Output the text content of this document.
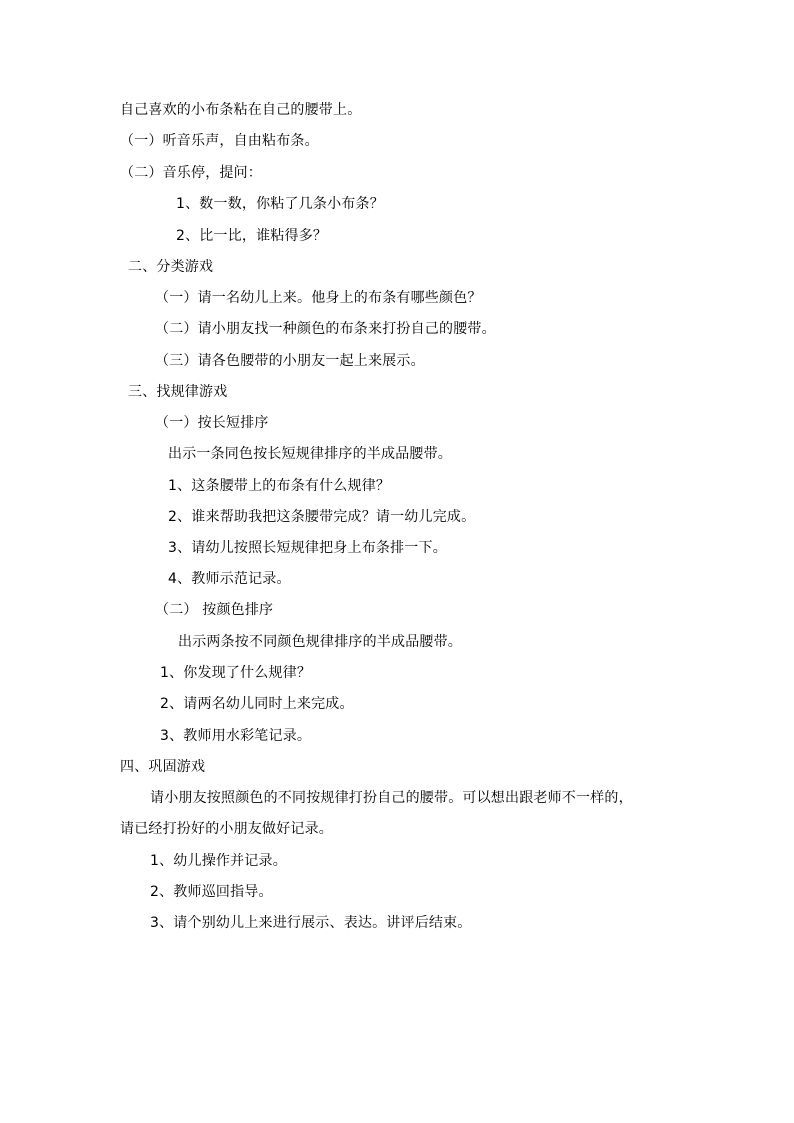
自己喜欢的小布条粘在自己的腰带上。
（一）听音乐声，自由粘布条。
（二）音乐停，提问：
1、数一数，你粘了几条小布条？
2、比一比，谁粘得多？
二、分类游戏
（一）请一名幼儿上来。他身上的布条有哪些颜色？
（二）请小朋友找一种颜色的布条来打扮自己的腰带。
（三）请各色腰带的小朋友一起上来展示。
三、找规律游戏
（一）按长短排序
出示一条同色按长短规律排序的半成品腰带。
1、这条腰带上的布条有什么规律？
2、谁来帮助我把这条腰带完成？请一幼儿完成。
3、请幼儿按照长短规律把身上布条排一下。
4、教师示范记录。
（二） 按颜色排序
出示两条按不同颜色规律排序的半成品腰带。
1、你发现了什么规律？
2、请两名幼儿同时上来完成。
3、教师用水彩笔记录。
四、巩固游戏
请小朋友按照颜色的不同按规律打扮自己的腰带。可以想出跟老师不一样的，
请已经打扮好的小朋友做好记录。
1、幼儿操作并记录。
2、教师巡回指导。
3、请个别幼儿上来进行展示、表达。讲评后结束。
